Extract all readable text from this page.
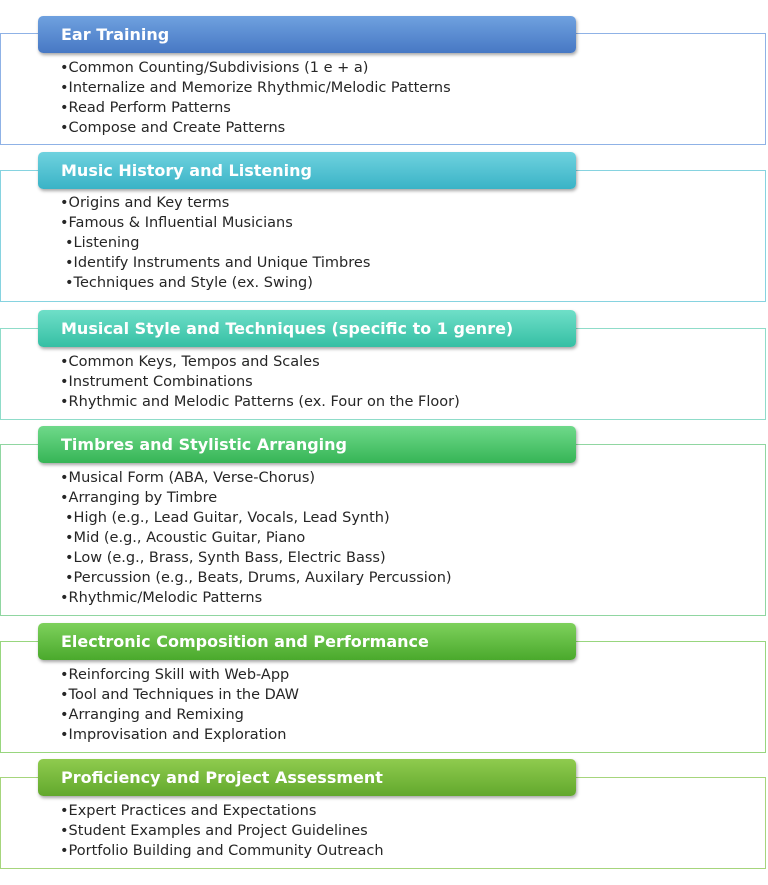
Ear Training
•Common Counting/Subdivisions (1 e + a)
•Internalize and Memorize Rhythmic/Melodic Patterns
•Read Perform Patterns
•Compose and Create Patterns
Music History and Listening
•Origins and Key terms
•Famous & Influential Musicians
•Listening
•Identify Instruments and Unique Timbres
•Techniques and Style (ex. Swing)
Musical Style and Techniques (specific to 1 genre)
•Common Keys, Tempos and Scales
•Instrument Combinations
•Rhythmic and Melodic Patterns (ex. Four on the Floor)
Timbres and Stylistic Arranging
•Musical Form (ABA, Verse-Chorus)
•Arranging by Timbre
•High (e.g., Lead Guitar, Vocals, Lead Synth)
•Mid (e.g., Acoustic Guitar, Piano
•Low (e.g., Brass, Synth Bass, Electric Bass)
•Percussion (e.g., Beats, Drums, Auxilary Percussion)
•Rhythmic/Melodic Patterns
Electronic Composition and Performance
•Reinforcing Skill with Web-App
•Tool and Techniques in the DAW
•Arranging and Remixing
•Improvisation and Exploration
Proficiency and Project Assessment
•Expert Practices and Expectations
•Student Examples and Project Guidelines
•Portfolio Building and Community Outreach
